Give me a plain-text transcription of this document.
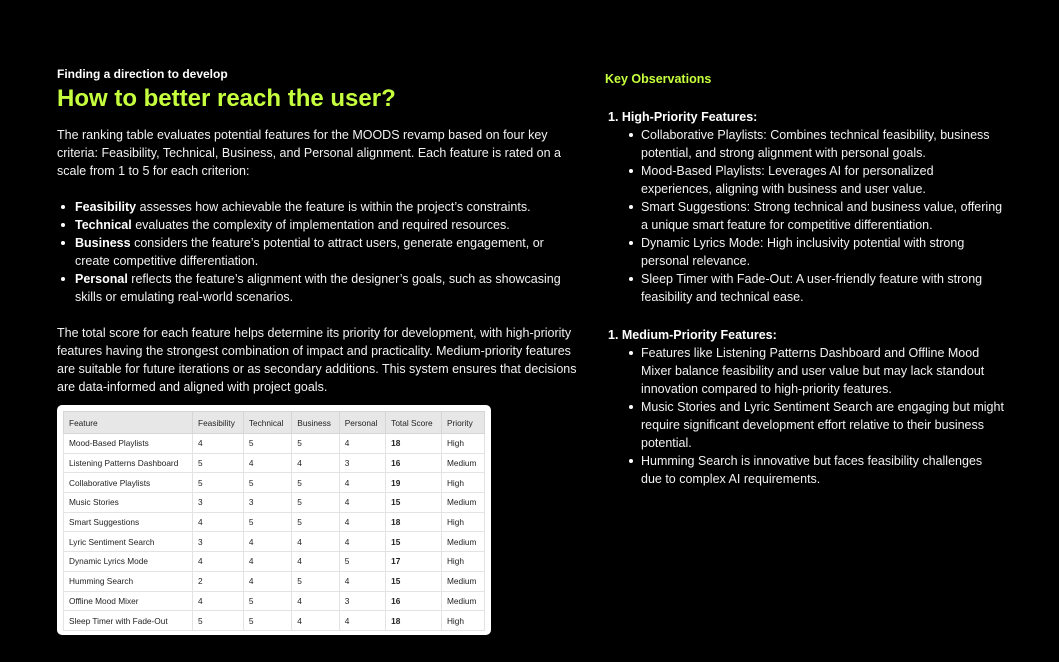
Finding a direction to develop

How to better reach the user?

The ranking table evaluates potential features for the MOODS revamp based on four key criteria: Feasibility, Technical, Business, and Personal alignment. Each feature is rated on a scale from 1 to 5 for each criterion:

Feasibility assesses how achievable the feature is within the project’s constraints.
Technical evaluates the complexity of implementation and required resources.
Business considers the feature’s potential to attract users, generate engagement, or create competitive differentiation.
Personal reflects the feature’s alignment with the designer’s goals, such as showcasing skills or emulating real-world scenarios.

The total score for each feature helps determine its priority for development, with high-priority features having the strongest combination of impact and practicality. Medium-priority features are suitable for future iterations or as secondary additions. This system ensures that decisions are data-informed and aligned with project goals.

Feature	Feasibility	Technical	Business	Personal	Total Score	Priority
Mood-Based Playlists	4	5	5	4	18	High
Listening Patterns Dashboard	5	4	4	3	16	Medium
Collaborative Playlists	5	5	5	4	19	High
Music Stories	3	3	5	4	15	Medium
Smart Suggestions	4	5	5	4	18	High
Lyric Sentiment Search	3	4	4	4	15	Medium
Dynamic Lyrics Mode	4	4	4	5	17	High
Humming Search	2	4	5	4	15	Medium
Offline Mood Mixer	4	5	4	3	16	Medium
Sleep Timer with Fade-Out	5	5	4	4	18	High

Key Observations

1. High-Priority Features:

Collaborative Playlists: Combines technical feasibility, business potential, and strong alignment with personal goals.
Mood-Based Playlists: Leverages AI for personalized experiences, aligning with business and user value.
Smart Suggestions: Strong technical and business value, offering a unique smart feature for competitive differentiation.
Dynamic Lyrics Mode: High inclusivity potential with strong personal relevance.
Sleep Timer with Fade-Out: A user-friendly feature with strong feasibility and technical ease.

1. Medium-Priority Features:

Features like Listening Patterns Dashboard and Offline Mood Mixer balance feasibility and user value but may lack standout innovation compared to high-priority features.
Music Stories and Lyric Sentiment Search are engaging but might require significant development effort relative to their business potential.
Humming Search is innovative but faces feasibility challenges due to complex AI requirements.
